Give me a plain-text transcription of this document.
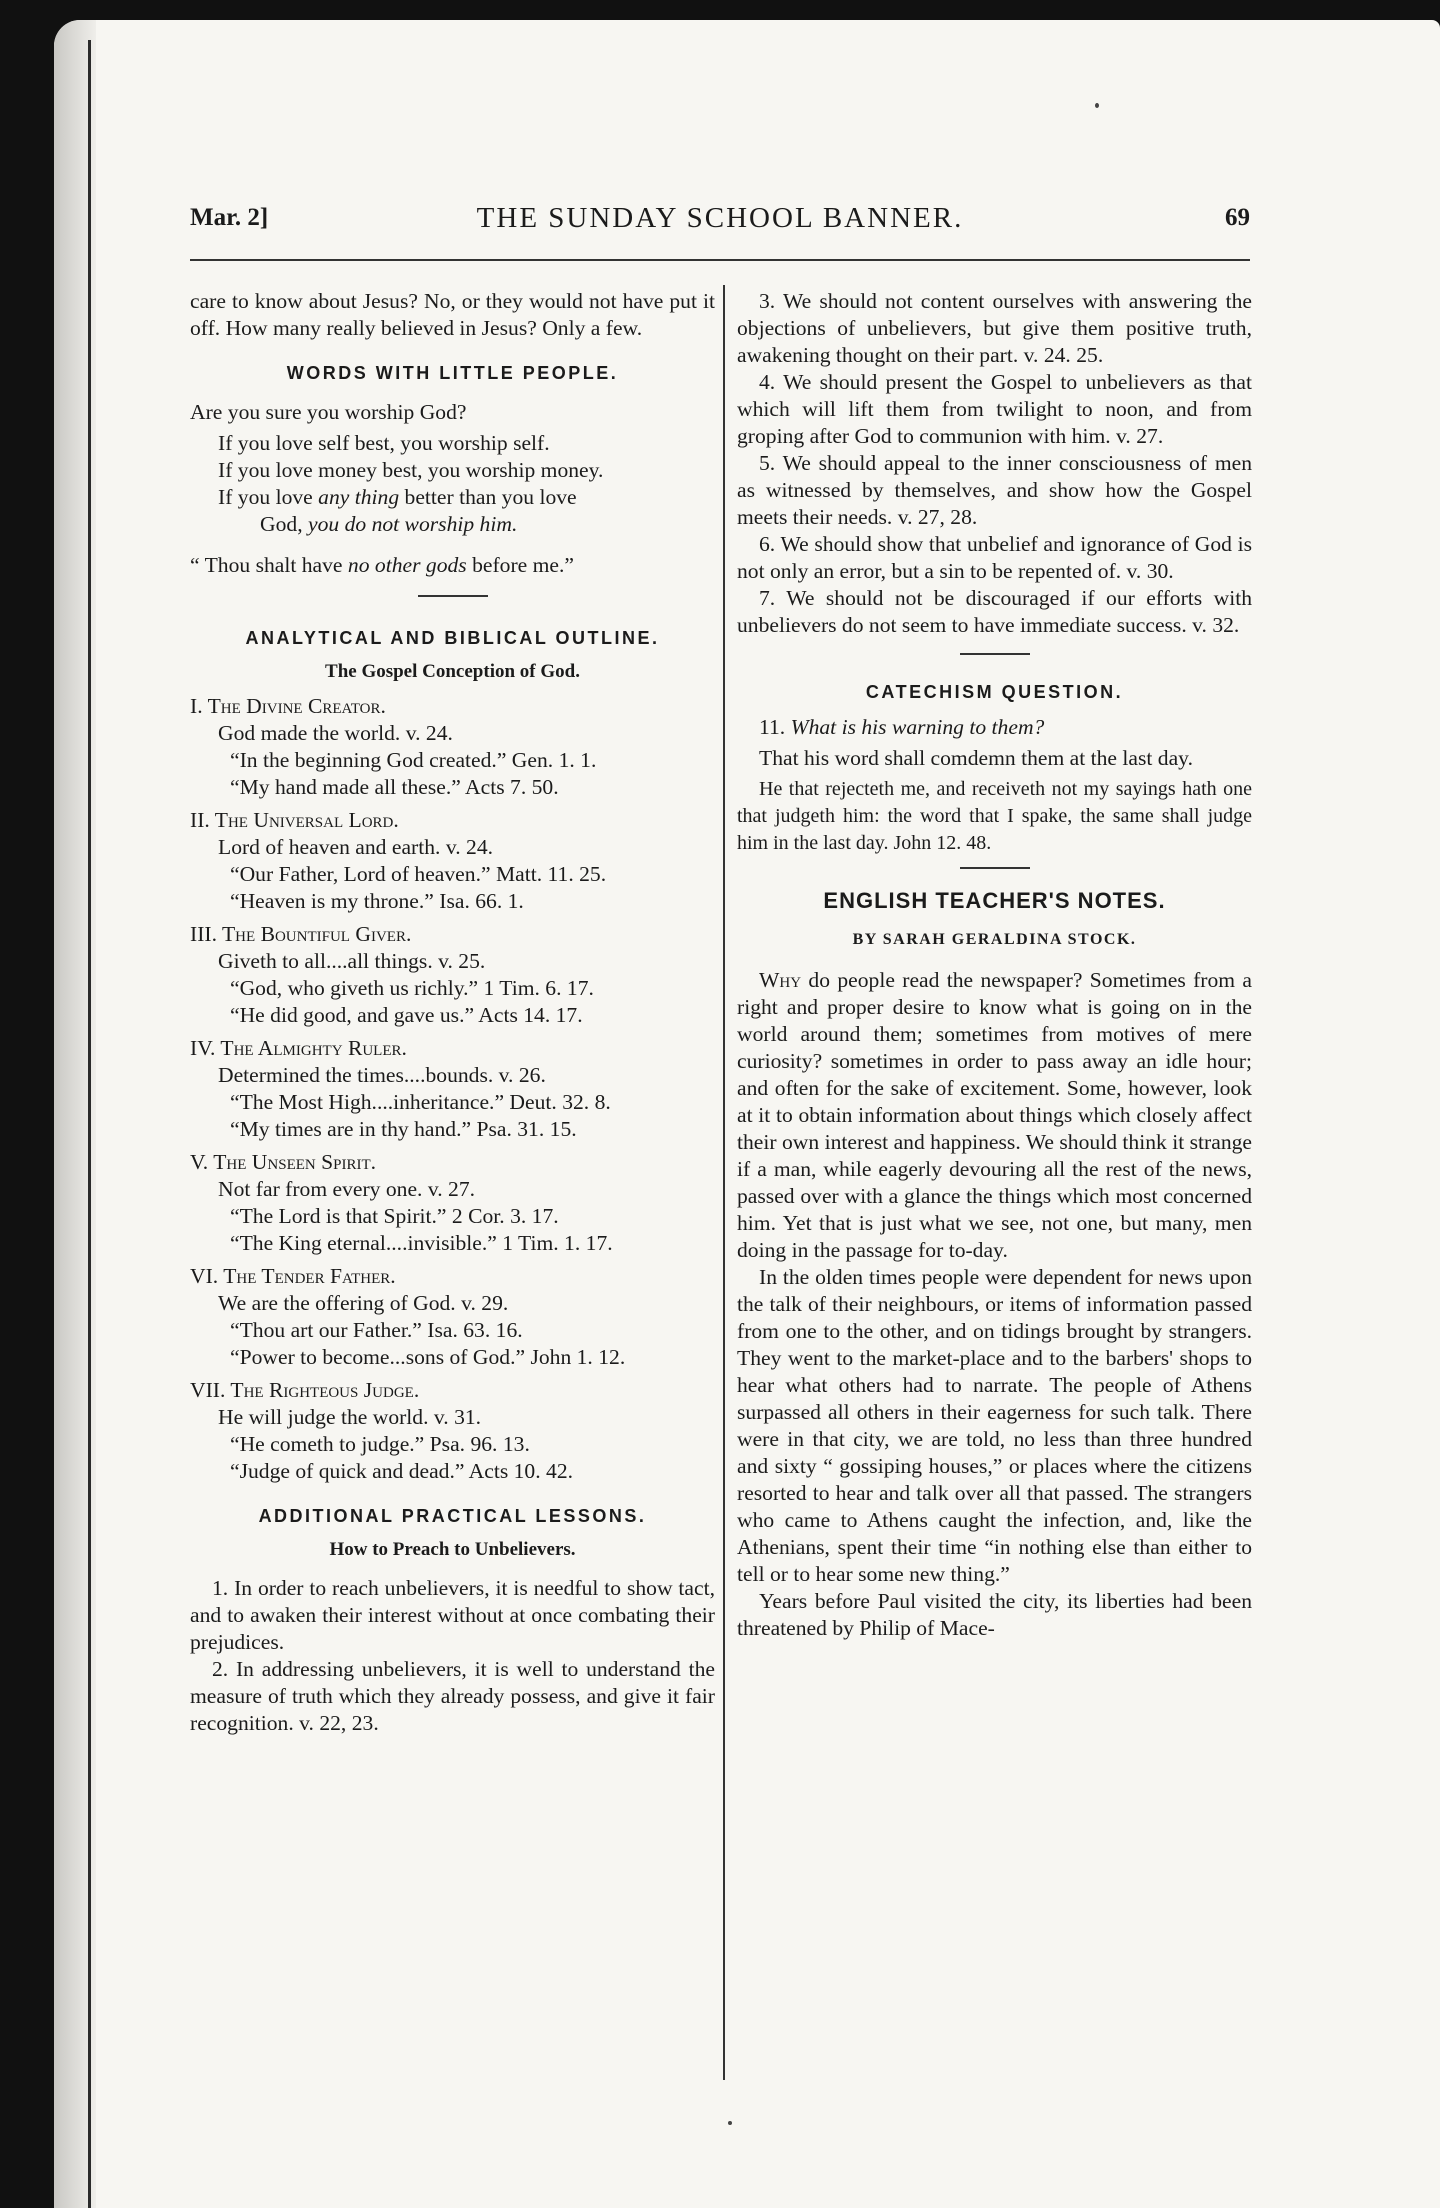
Mar. 2]	THE SUNDAY SCHOOL BANNER.	69

care to know about Jesus? No, or they would not have put it off. How many really believed in Jesus? Only a few.

WORDS WITH LITTLE PEOPLE.

Are you sure you worship God?

If you love self best, you worship self.

If you love money best, you worship money.

If you love any thing better than you love

God, you do not worship him.

“ Thou shalt have no other gods before me.”

ANALYTICAL AND BIBLICAL OUTLINE.

The Gospel Conception of God.

I. The Divine Creator.

God made the world. v. 24.

“In the beginning God created.” Gen. 1. 1.

“My hand made all these.” Acts 7. 50.

II. The Universal Lord.

Lord of heaven and earth. v. 24.

“Our Father, Lord of heaven.” Matt. 11. 25.

“Heaven is my throne.” Isa. 66. 1.

III. The Bountiful Giver.

Giveth to all....all things. v. 25.

“God, who giveth us richly.” 1 Tim. 6. 17.

“He did good, and gave us.” Acts 14. 17.

IV. The Almighty Ruler.

Determined the times....bounds. v. 26.

“The Most High....inheritance.” Deut. 32. 8.

“My times are in thy hand.” Psa. 31. 15.

V. The Unseen Spirit.

Not far from every one. v. 27.

“The Lord is that Spirit.” 2 Cor. 3. 17.

“The King eternal....invisible.” 1 Tim. 1. 17.

VI. The Tender Father.

We are the offering of God. v. 29.

“Thou art our Father.” Isa. 63. 16.

“Power to become...sons of God.” John 1. 12.

VII. The Righteous Judge.

He will judge the world. v. 31.

“He cometh to judge.” Psa. 96. 13.

“Judge of quick and dead.” Acts 10. 42.

ADDITIONAL PRACTICAL LESSONS.

How to Preach to Unbelievers.

1. In order to reach unbelievers, it is needful to show tact, and to awaken their interest without at once combating their prejudices.

2. In addressing unbelievers, it is well to understand the measure of truth which they already possess, and give it fair recognition. v. 22, 23.

3. We should not content ourselves with answering the objections of unbelievers, but give them positive truth, awakening thought on their part. v. 24. 25.

4. We should present the Gospel to unbelievers as that which will lift them from twilight to noon, and from groping after God to communion with him. v. 27.

5. We should appeal to the inner consciousness of men as witnessed by themselves, and show how the Gospel meets their needs. v. 27, 28.

6. We should show that unbelief and ignorance of God is not only an error, but a sin to be repented of. v. 30.

7. We should not be discouraged if our efforts with unbelievers do not seem to have immediate success. v. 32.

CATECHISM QUESTION.

11. What is his warning to them?

That his word shall comdemn them at the last day.

He that rejecteth me, and receiveth not my sayings hath one that judgeth him: the word that I spake, the same shall judge him in the last day. John 12. 48.

ENGLISH TEACHER'S NOTES.

BY SARAH GERALDINA STOCK.

Why do people read the newspaper? Sometimes from a right and proper desire to know what is going on in the world around them; sometimes from motives of mere curiosity? sometimes in order to pass away an idle hour; and often for the sake of excitement. Some, however, look at it to obtain information about things which closely affect their own interest and happiness. We should think it strange if a man, while eagerly devouring all the rest of the news, passed over with a glance the things which most concerned him. Yet that is just what we see, not one, but many, men doing in the passage for to-day.

In the olden times people were dependent for news upon the talk of their neighbours, or items of information passed from one to the other, and on tidings brought by strangers. They went to the market-place and to the barbers' shops to hear what others had to narrate. The people of Athens surpassed all others in their eagerness for such talk. There were in that city, we are told, no less than three hundred and sixty “ gossiping houses,” or places where the citizens resorted to hear and talk over all that passed. The strangers who came to Athens caught the infection, and, like the Athenians, spent their time “in nothing else than either to tell or to hear some new thing.”

Years before Paul visited the city, its liberties had been threatened by Philip of Mace-
